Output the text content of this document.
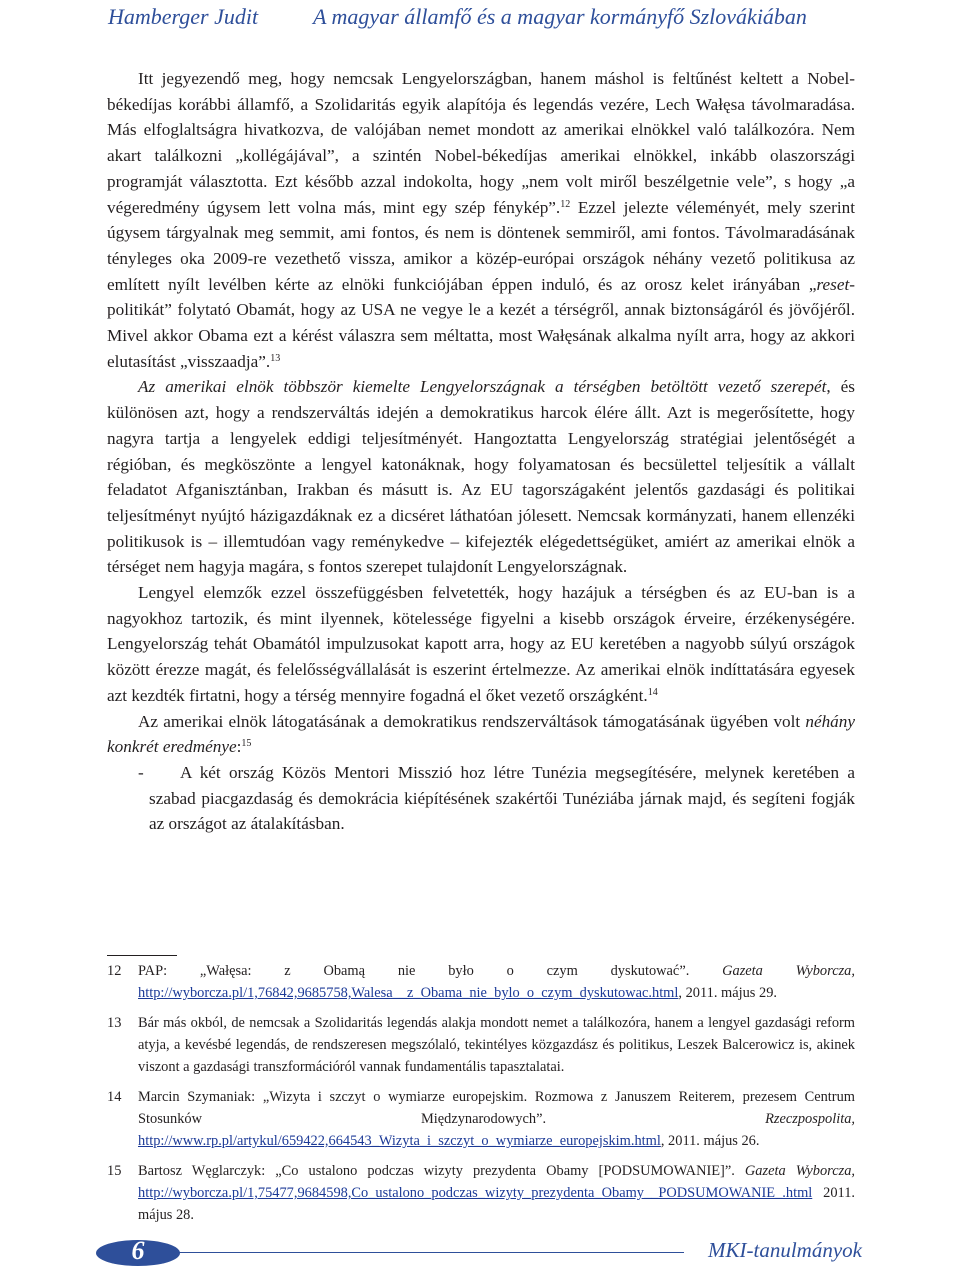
Hamberger Judit A magyar államfő és a magyar kormányfő Szlovákiában

Itt jegyezendő meg, hogy nemcsak Lengyelországban, hanem máshol is feltűnést keltett a Nobel-békedíjas korábbi államfő, a Szolidaritás egyik alapítója és legendás vezére, Lech Wałęsa távolmaradása. Más elfoglaltságra hivatkozva, de valójában nemet mondott az amerikai elnökkel való találkozóra. Nem akart találkozni „kollégájával”, a szintén Nobel-békedíjas amerikai elnökkel, inkább olaszországi programját választotta. Ezt később azzal indokolta, hogy „nem volt miről beszélgetnie vele”, s hogy „a végeredmény úgysem lett volna más, mint egy szép fénykép”.$^{12}$ Ezzel jelezte véleményét, mely szerint úgysem tárgyalnak meg semmit, ami fontos, és nem is döntenek semmiről, ami fontos. Távolmaradásának tényleges oka 2009-re vezethető vissza, amikor a közép-európai országok néhány vezető politikusa az említett nyílt levélben kérte az elnöki funkciójában éppen induló, és az orosz kelet irányában „reset-politikát” folytató Obamát, hogy az USA ne vegye le a kezét a térségről, annak biztonságáról és jövőjéről. Mivel akkor Obama ezt a kérést válaszra sem méltatta, most Wałęsának alkalma nyílt arra, hogy az akkori elutasítást „visszaadja”.$^{13}$

Az amerikai elnök többször kiemelte Lengyelországnak a térségben betöltött vezető szerepét, és különösen azt, hogy a rendszerváltás idején a demokratikus harcok élére állt. Azt is megerősítette, hogy nagyra tartja a lengyelek eddigi teljesítményét. Hangoztatta Lengyelország stratégiai jelentőségét a régióban, és megköszönte a lengyel katonáknak, hogy folyamatosan és becsülettel teljesítik a vállalt feladatot Afganisztánban, Irakban és másutt is. Az EU tagországaként jelentős gazdasági és politikai teljesítményt nyújtó házigazdáknak ez a dicséret láthatóan jólesett. Nemcsak kormányzati, hanem ellenzéki politikusok is – illemtudóan vagy reménykedve – kifejezték elégedettségüket, amiért az amerikai elnök a térséget nem hagyja magára, s fontos szerepet tulajdonít Lengyelországnak.

Lengyel elemzők ezzel összefüggésben felvetették, hogy hazájuk a térségben és az EU-ban is a nagyokhoz tartozik, és mint ilyennek, kötelessége figyelni a kisebb országok érveire, érzékenységére. Lengyelország tehát Obamától impulzusokat kapott arra, hogy az EU keretében a nagyobb súlyú országok között érezze magát, és felelősségvállalását is eszerint értelmezze. Az amerikai elnök indíttatására egyesek azt kezdték firtatni, hogy a térség mennyire fogadná el őket vezető országként.$^{14}$

Az amerikai elnök látogatásának a demokratikus rendszerváltások támogatásának ügyében volt néhány konkrét eredménye:$^{15}$

- A két ország Közös Mentori Misszió hoz létre Tunézia megsegítésére, melynek keretében a szabad piacgazdaság és demokrácia kiépítésének szakértői Tunéziába járnak majd, és segíteni fogják az országot az átalakításban.

12 PAP: „Wałęsa: z Obamą nie było o czym dyskutować”. Gazeta Wyborcza, http://wyborcza.pl/1,76842,9685758,Walesa__z_Obama_nie_bylo_o_czym_dyskutowac.html, 2011. május 29.

13 Bár más okból, de nemcsak a Szolidaritás legendás alakja mondott nemet a találkozóra, hanem a lengyel gazdasági reform atyja, a kevésbé legendás, de rendszeresen megszólaló, tekintélyes közgazdász és politikus, Leszek Balcerowicz is, akinek viszont a gazdasági transzformációról vannak fundamentális tapasztalatai.

14 Marcin Szymaniak: „Wizyta i szczyt o wymiarze europejskim. Rozmowa z Januszem Reiterem, prezesem Centrum Stosunków Międzynarodowych”. Rzeczpospolita, http://www.rp.pl/artykul/659422,664543_Wizyta_i_szczyt_o_wymiarze_europejskim.html, 2011. május 26.

15 Bartosz Węglarczyk: „Co ustalono podczas wizyty prezydenta Obamy [PODSUMOWANIE]”. Gazeta Wyborcza, http://wyborcza.pl/1,75477,9684598,Co_ustalono_podczas_wizyty_prezydenta_Obamy__PODSUMOWANIE_.html 2011. május 28.

6	MKI-tanulmányok
